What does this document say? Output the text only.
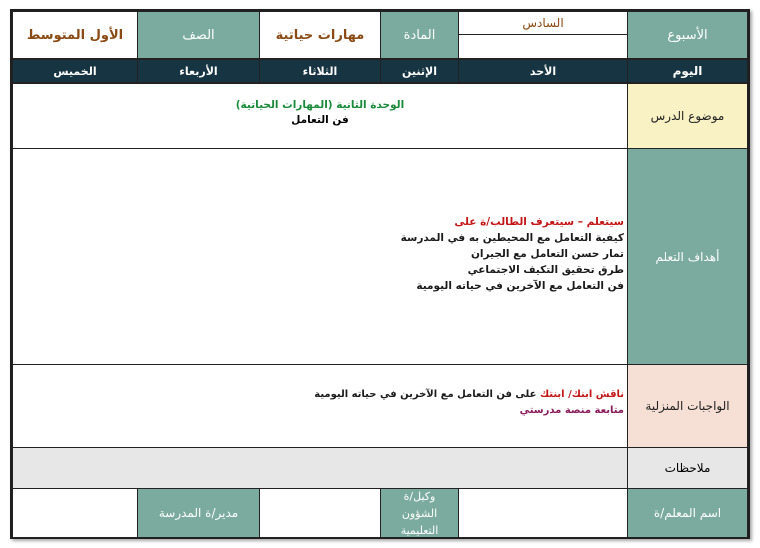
الأسبوع
السادس
المادة
مهارات حياتية
الصف
الأول المتوسط
اليوم
الأحد
الإثنين
الثلاثاء
الأربعاء
الخميس
موضوع الدرس
الوحدة الثانية (المهارات الحياتية)
فن التعامل
أهداف التعلم
سيتعلم – سيتعرف الطالب/ة على
كيفية التعامل مع المحيطين به في المدرسة
تمار حسن التعامل مع الجيران
طرق تحقيق التكيف الاجتماعي
فن التعامل مع الآخرين في حياته اليومية
الواجبات المنزلية
ناقش ابنك/ ابنتك على فن التعامل مع الآخرين في حياته اليومية
متابعة منصة مدرستي
ملاحظات
اسم المعلم/ة
وكيل/ة الشؤون التعليمية
مدير/ة المدرسة
